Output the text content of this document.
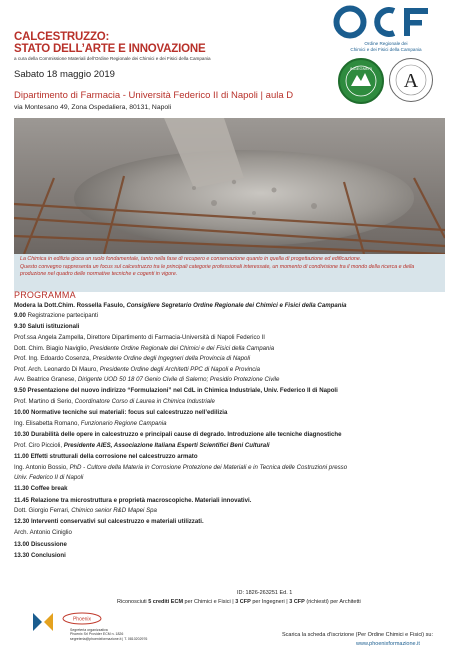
CALCESTRUZZO:
STATO DELL’ARTE E INNOVAZIONE
a cura della Commissione Materiali dell’Ordine Regionale dei Chimici e dei Fisici della Campania
Sabato 18 maggio 2019
Dipartimento di Farmacia - Università Federico II di Napoli | aula D
via Montesano 49, Zona Ospedaliera, 80131, Napoli
Ordine Regionale dei
Chimici e dei Fisici della Campania
INGEGNERI
A
La Chimica in edilizia gioca un ruolo fondamentale, tanto nella fase di recupero e conservazione quanto in quella di progettazione ed edificazione.
Questo convegno rappresenta un focus sul calcestruzzo tra le principali categorie professionali interessate, un momento di condivisione tra il mondo della ricerca e della produzione nel quadro delle normative tecniche e cogenti in vigore.
PROGRAMMA
Modera la Dott.Chim. Rossella Fasulo, Consigliere Segretario Ordine Regionale dei Chimici e Fisici della Campania
9.00 Registrazione partecipanti
9.30 Saluti istituzionali
Prof.ssa Angela Zampella, Direttore Dipartimento di Farmacia-Università di Napoli Federico II
Dott. Chim. Biagio Naviglio, Presidente Ordine Regionale dei Chimici e dei Fisici della Campania
Prof. Ing. Edoardo Cosenza, Presidente Ordine degli Ingegneri della Provincia di Napoli
Prof. Arch. Leonardo Di Mauro, Presidente Ordine degli Architetti PPC di Napoli e Provincia
Avv. Beatrice Granese, Dirigente UOD 50 18 07 Genio Civile di Salerno; Presidio Protezione Civile
9.50 Presentazione del nuovo indirizzo “Formulazioni” nel CdL in Chimica Industriale, Univ. Federico II di Napoli
Prof. Martino di Serio, Coordinatore Corso di Laurea in Chimica Industriale
10.00 Normative tecniche sui materiali: focus sul calcestruzzo nell’edilizia
Ing. Elisabetta Romano, Funzionario Regione Campania
10.30 Durabilità delle opere in calcestruzzo e principali cause di degrado. Introduzione alle tecniche diagnostiche
Prof. Ciro Piccioli, Presidente AIES, Associazione Italiana Esperti Scientifici Beni Culturali
11.00 Effetti strutturali della corrosione nel calcestruzzo armato
Ing. Antonio Bossio, PhD - Cultore della Materia in Corrosione Protezione dei Materiali e in Tecnica delle Costruzioni presso
Univ. Federico II di Napoli
11.30 Coffee break
11.45 Relazione tra microstruttura e proprietà macroscopiche. Materiali innovativi.
Dott. Giorgio Ferrari, Chimico senior R&D Mapei Spa
12.30 Interventi conservativi sul calcestruzzo e materiali utilizzati.
Arch. Antonio Ciniglio
13.00 Discussione
13.30 Conclusioni
ID: 1826-263251 Ed. 1
Riconosciuti 5 crediti ECM per Chimici e Fisici | 3 CFP per Ingegneri | 3 CFP (richiesti) per Architetti
Phoenix
Segreteria organizzativa
Phoenix Srl Provider ECM n. 1826
segreteria@phoenixformazione.it | T. 0810202976
Scarica la scheda d’iscrizione (Per Ordine Chimici e Fisici) su:
www.phoenixformazione.it
